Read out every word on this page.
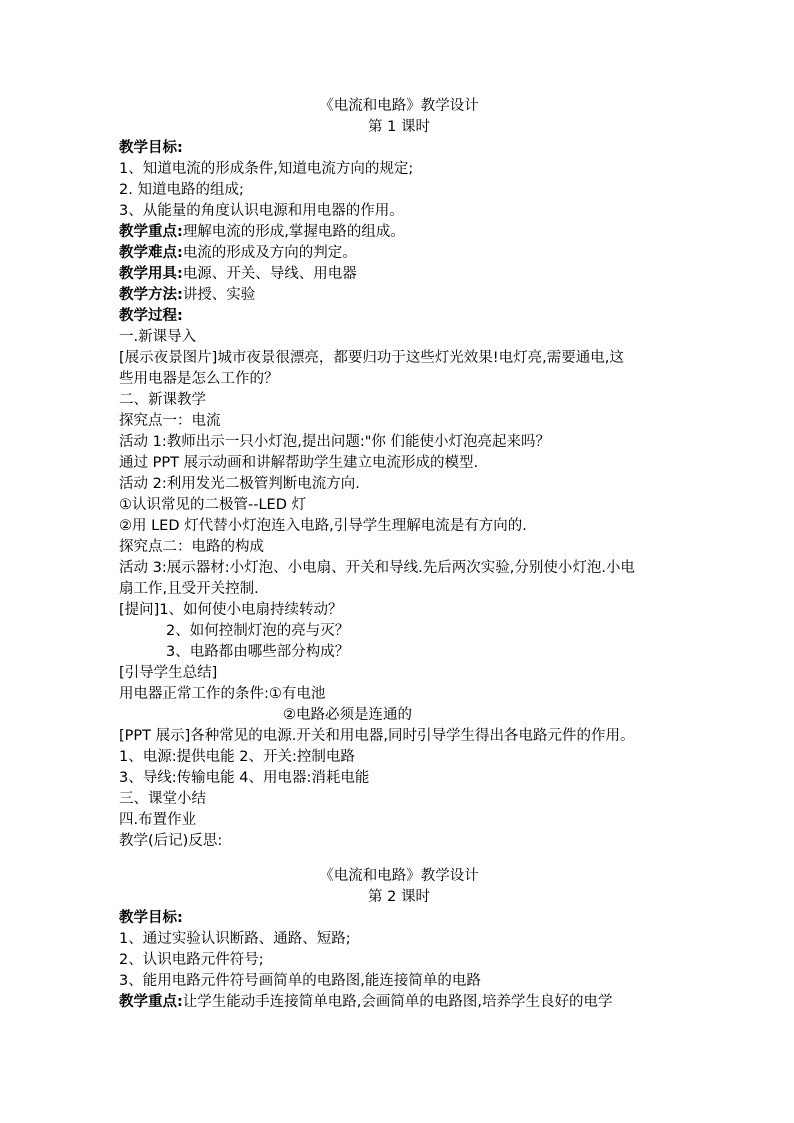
《电流和电路》教学设计
第 1 课时
教学目标:
1、知道电流的形成条件,知道电流方向的规定;
2. 知道电路的组成;
3、从能量的角度认识电源和用电器的作用。
教学重点:理解电流的形成,掌握电路的组成。
教学难点:电流的形成及方向的判定。
教学用具:电源、开关、导线、用电器
教学方法:讲授、实验
教学过程:
一.新课导入
[展示夜景图片]城市夜景很漂亮，都要归功于这些灯光效果!电灯亮,需要通电,这
些用电器是怎么工作的？
二、新课教学
探究点一：电流
活动 1:教师出示一只小灯泡,提出问题:"你 们能使小灯泡亮起来吗？
通过 PPT 展示动画和讲解帮助学生建立电流形成的模型.
活动 2:利用发光二极管判断电流方向.
①认识常见的二极管--LED 灯
②用 LED 灯代替小灯泡连入电路,引导学生理解电流是有方向的.
探究点二：电路的构成
活动 3:展示器材:小灯泡、小电扇、开关和导线.先后两次实验,分别使小灯泡.小电
扇工作,且受开关控制.
[提问]1、如何使小电扇持续转动？
2、如何控制灯泡的亮与灭？
3、电路都由哪些部分构成？
[引导学生总结]
用电器正常工作的条件:①有电池
②电路必须是连通的
[PPT 展示]各种常见的电源.开关和用电器,同时引导学生得出各电路元件的作用。
1、电源:提供电能 2、开关:控制电路
3、导线:传输电能 4、用电器:消耗电能
三、课堂小结
四.布置作业
教学(后记)反思:
《电流和电路》教学设计
第 2 课时
教学目标:
1、通过实验认识断路、通路、短路;
2、认识电路元件符号;
3、能用电路元件符号画简单的电路图,能连接简单的电路
教学重点:让学生能动手连接简单电路,会画简单的电路图,培养学生良好的电学
